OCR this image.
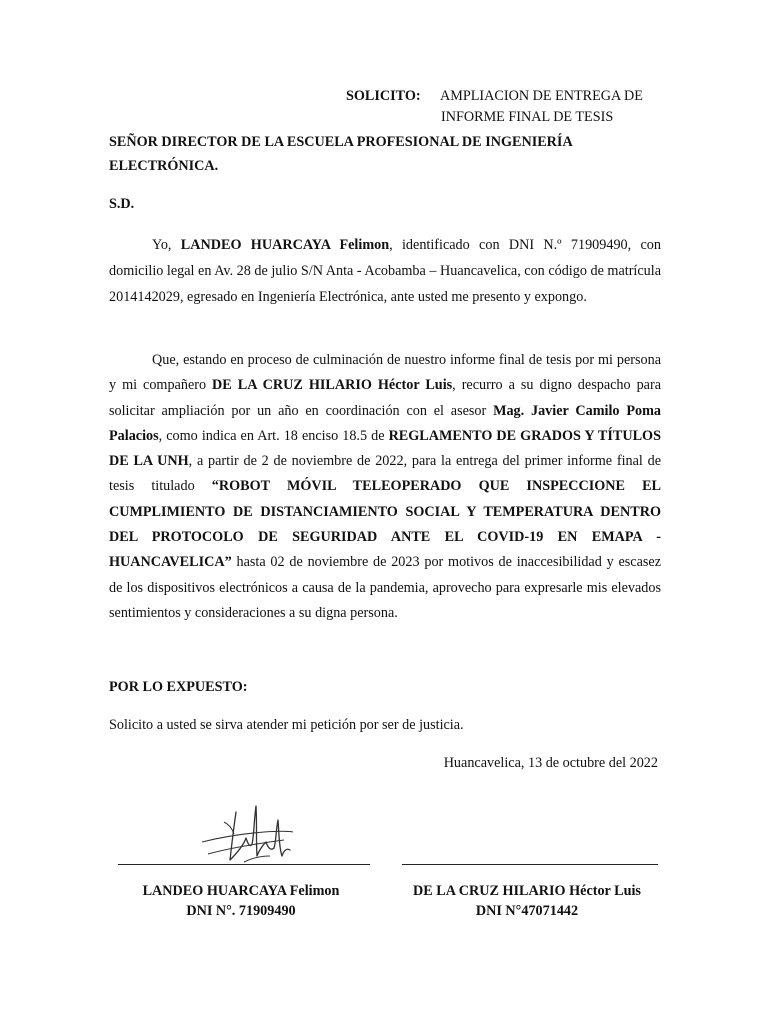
SOLICITO: AMPLIACION DE ENTREGA DE
INFORME FINAL DE TESIS
SEÑOR DIRECTOR DE LA ESCUELA PROFESIONAL DE INGENIERÍA ELECTRÓNICA.
S.D.
Yo, LANDEO HUARCAYA Felimon, identificado con DNI N.º 71909490, con domicilio legal en Av. 28 de julio S/N Anta - Acobamba – Huancavelica, con código de matrícula 2014142029, egresado en Ingeniería Electrónica, ante usted me presento y expongo.
Que, estando en proceso de culminación de nuestro informe final de tesis por mi persona y mi compañero DE LA CRUZ HILARIO Héctor Luis, recurro a su digno despacho para solicitar ampliación por un año en coordinación con el asesor Mag. Javier Camilo Poma Palacios, como indica en Art. 18 enciso 18.5 de REGLAMENTO DE GRADOS Y TÍTULOS DE LA UNH, a partir de 2 de noviembre de 2022, para la entrega del primer informe final de tesis titulado “ROBOT MÓVIL TELEOPERADO QUE INSPECCIONE EL CUMPLIMIENTO DE DISTANCIAMIENTO SOCIAL Y TEMPERATURA DENTRO DEL PROTOCOLO DE SEGURIDAD ANTE EL COVID-19 EN EMAPA - HUANCAVELICA” hasta 02 de noviembre de 2023 por motivos de inaccesibilidad y escasez de los dispositivos electrónicos a causa de la pandemia, aprovecho para expresarle mis elevados sentimientos y consideraciones a su digna persona.
POR LO EXPUESTO:
Solicito a usted se sirva atender mi petición por ser de justicia.
Huancavelica, 13 de octubre del 2022
LANDEO HUARCAYA Felimon
DNI N°. 71909490
DE LA CRUZ HILARIO Héctor Luis
DNI N°47071442
